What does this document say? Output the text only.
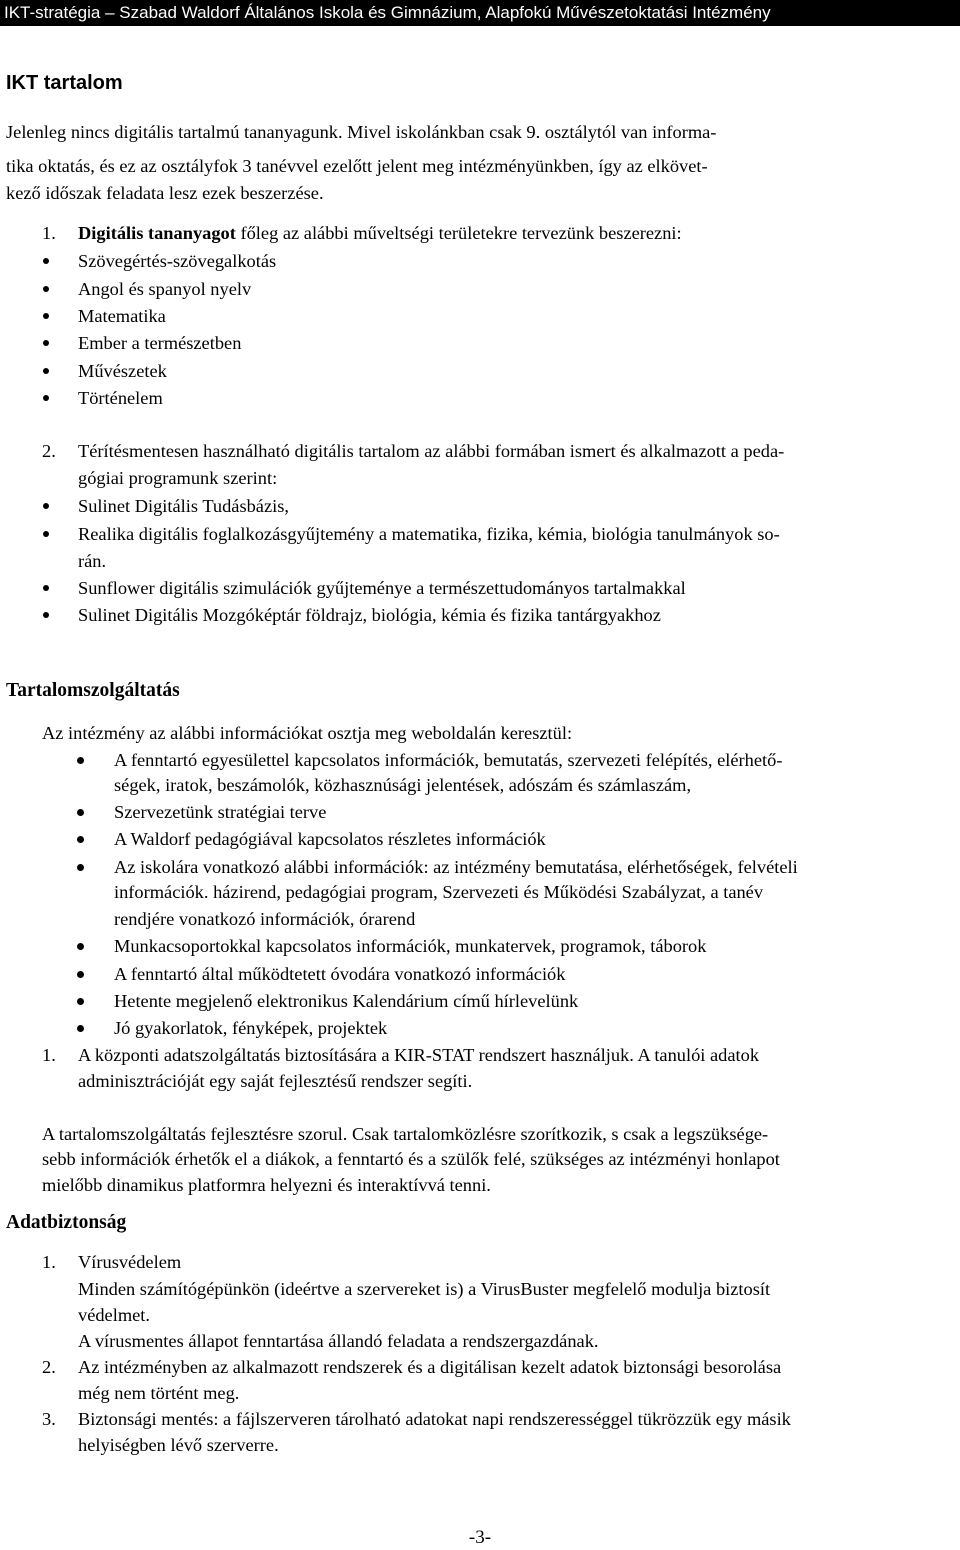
IKT-stratégia – Szabad Waldorf Általános Iskola és Gimnázium, Alapfokú Művészetoktatási Intézmény
IKT tartalom
Jelenleg nincs digitális tartalmú tananyagunk. Mivel iskolánkban csak 9. osztálytól van informa-
tika oktatás, és ez az osztályfok 3 tanévvel ezelőtt jelent meg intézményünkben, így az elkövet-
kező időszak feladata lesz ezek beszerzése.
1. Digitális tananyagot főleg az alábbi műveltségi területekre tervezünk beszerezni:
Szövegértés-szövegalkotás
Angol és spanyol nyelv
Matematika
Ember a természetben
Művészetek
Történelem
2. Térítésmentesen használható digitális tartalom az alábbi formában ismert és alkalmazott a peda-
gógiai programunk szerint:
Sulinet Digitális Tudásbázis,
Realika digitális foglalkozásgyűjtemény a matematika, fizika, kémia, biológia tanulmányok so-
rán.
Sunflower digitális szimulációk gyűjteménye a természettudományos tartalmakkal
Sulinet Digitális Mozgóképtár földrajz, biológia, kémia és fizika tantárgyakhoz
Tartalomszolgáltatás
Az intézmény az alábbi információkat osztja meg weboldalán keresztül:
A fenntartó egyesülettel kapcsolatos információk, bemutatás, szervezeti felépítés, elérhető-
ségek, iratok, beszámolók, közhasznúsági jelentések, adószám és számlaszám,
Szervezetünk stratégiai terve
A Waldorf pedagógiával kapcsolatos részletes információk
Az iskolára vonatkozó alábbi információk: az intézmény bemutatása, elérhetőségek, felvételi
információk. házirend, pedagógiai program, Szervezeti és Működési Szabályzat, a tanév
rendjére vonatkozó információk, órarend
Munkacsoportokkal kapcsolatos információk, munkatervek, programok, táborok
A fenntartó által működtetett óvodára vonatkozó információk
Hetente megjelenő elektronikus Kalendárium című hírlevelünk
Jó gyakorlatok, fényképek, projektek
1. A központi adatszolgáltatás biztosítására a KIR-STAT rendszert használjuk. A tanulói adatok
adminisztrációját egy saját fejlesztésű rendszer segíti.
A tartalomszolgáltatás fejlesztésre szorul. Csak tartalomközlésre szorítkozik, s csak a legszüksége-
sebb információk érhetők el a diákok, a fenntartó és a szülők felé, szükséges az intézményi honlapot
mielőbb dinamikus platformra helyezni és interaktívvá tenni.
Adatbiztonság
1. Vírusvédelem
Minden számítógépünkön (ideértve a szervereket is) a VirusBuster megfelelő modulja biztosít
védelmet.
A vírusmentes állapot fenntartása állandó feladata a rendszergazdának.
2. Az intézményben az alkalmazott rendszerek és a digitálisan kezelt adatok biztonsági besorolása
még nem történt meg.
3. Biztonsági mentés: a fájlszerveren tárolható adatokat napi rendszerességgel tükrözzük egy másik
helyiségben lévő szerverre.
-3-
